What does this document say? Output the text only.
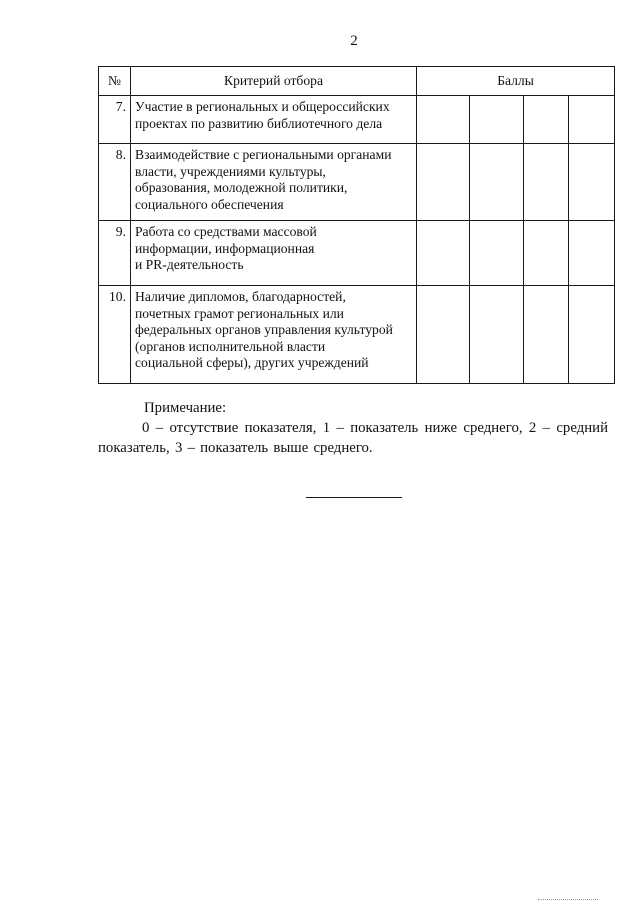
2
№	Критерий отбора	Баллы			
7.	Участие в региональных и общероссийских
проектах по развитию библиотечного дела				

8.	Взаимодействие с региональными органами
власти, учреждениями культуры,
образования, молодежной политики,
социального обеспечения				

9.	Работа со средствами массовой
информации, информационная
и PR-деятельность				

10.	Наличие дипломов, благодарностей,
почетных грамот региональных или
федеральных органов управления культурой
(органов исполнительной власти
социальной сферы), других учреждений				

Примечание:
0 – отсутствие показателя, 1 – показатель ниже среднего, 2 – средний показатель, 3 – показатель выше среднего.
